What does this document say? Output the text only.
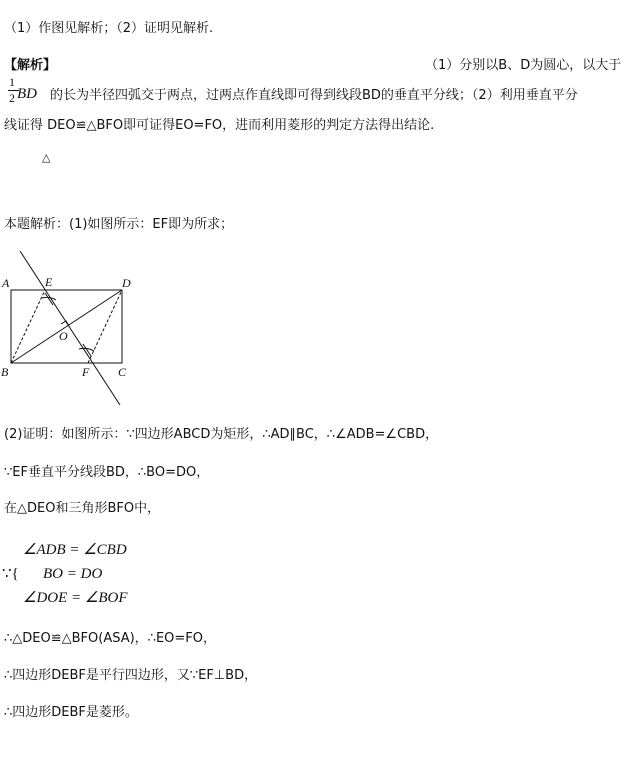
（1）作图见解析；（2）证明见解析.
【解析】	（1）分别以B、D为圆心，以大于
1
2 BD 的长为半径四弧交于两点，过两点作直线即可得到线段BD的垂直平分线；（2）利用垂直平分
线证得 DEO≌△BFO即可证得EO=FO，进而利用菱形的判定方法得出结论.
△
本题解析：(1)如图所示：EF即为所求；
A	E	D
O
B	F C
(2)证明：如图所示：∵四边形ABCD为矩形，∴AD∥BC，∴∠ADB=∠CBD，
∵EF垂直平分线段BD，∴BO=DO，
在△DEO和三角形BFO中，
∠ADB = ∠CBD
∵{ BO = DO
∠DOE = ∠BOF
∴△DEO≌△BFO(ASA)，∴EO=FO，
∴四边形DEBF是平行四边形，又∵EF⊥BD，
∴四边形DEBF是菱形。
